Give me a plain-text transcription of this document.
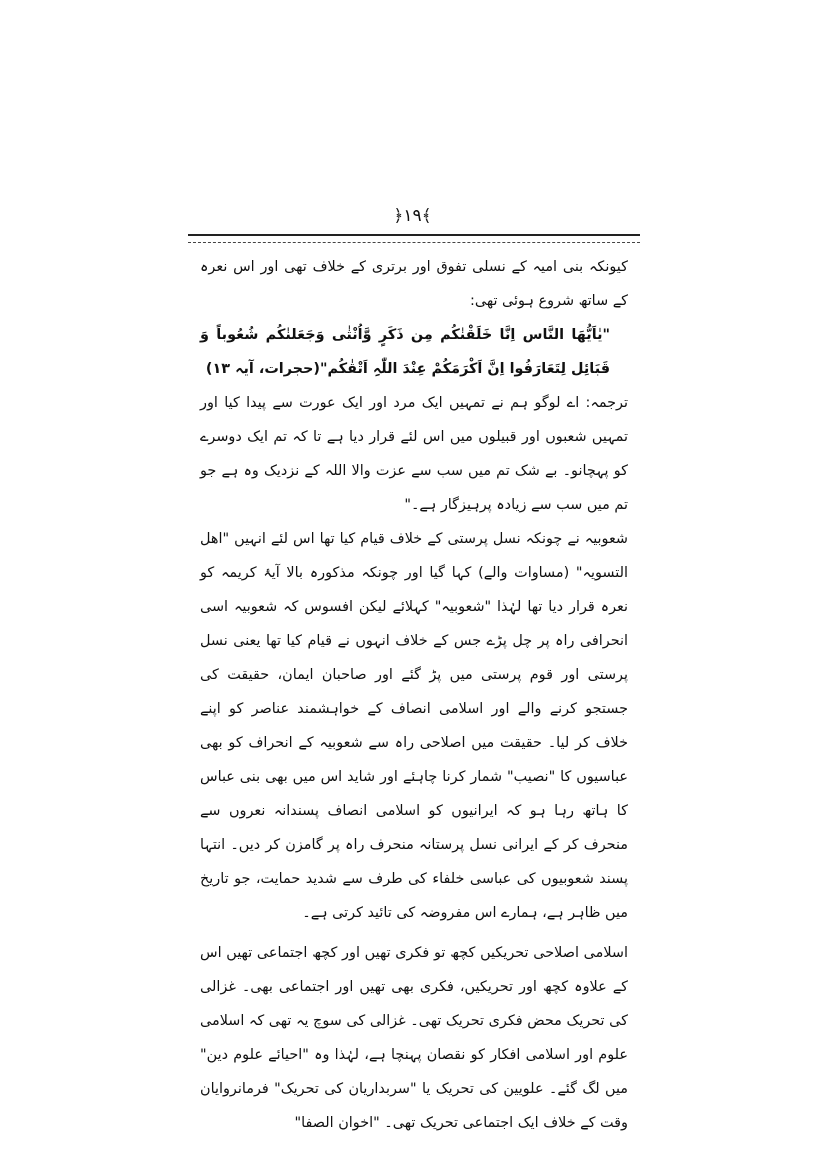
﴿١٩﴾

کیونکہ بنی امیہ کے نسلی تفوق اور برتری کے خلاف تھی اور اس نعرہ کے ساتھ شروع ہوئی تھی:

"یٰاَیُّھَا النَّاس اِنَّا خَلَقْنٰکُم مِن ذَکَرٍ وَّاُنْثٰی وَجَعَلنٰکُم شُعُوباً وَ قَبَائِل لِتَعَارَفُوا اِنَّ اَکْرَمَکُمْ عِنْدَ اللّٰہِ اَتْقٰکُم"(حجرات، آیہ ۱۳)

ترجمہ: اے لوگو ہم نے تمہیں ایک مرد اور ایک عورت سے پیدا کیا اور تمہیں شعبوں اور قبیلوں میں اس لئے قرار دیا ہے تا کہ تم ایک دوسرے کو پہچانو۔ بے شک تم میں سب سے عزت والا اللہ کے نزدیک وہ ہے جو تم میں سب سے زیادہ پرہیزگار ہے۔"

شعوبیہ نے چونکہ نسل پرستی کے خلاف قیام کیا تھا اس لئے انہیں "اھل التسویہ" (مساوات والے) کہا گیا اور چونکہ مذکورہ بالا آیۂ کریمہ کو نعرہ قرار دیا تھا لہٰذا "شعوبیہ" کہلائے لیکن افسوس کہ شعوبیہ اسی انحرافی راہ پر چل پڑے جس کے خلاف انہوں نے قیام کیا تھا یعنی نسل پرستی اور قوم پرستی میں پڑ گئے اور صاحبان ایمان، حقیقت کی جستجو کرنے والے اور اسلامی انصاف کے خواہشمند عناصر کو اپنے خلاف کر لیا۔ حقیقت میں اصلاحی راہ سے شعوبیہ کے انحراف کو بھی عباسیوں کا "نصیب" شمار کرنا چاہئے اور شاید اس میں بھی بنی عباس کا ہاتھ رہا ہو کہ ایرانیوں کو اسلامی انصاف پسندانہ نعروں سے منحرف کر کے ایرانی نسل پرستانہ منحرف راہ پر گامزن کر دیں۔ انتہا پسند شعوبیوں کی عباسی خلفاء کی طرف سے شدید حمایت، جو تاریخ میں ظاہر ہے، ہمارے اس مفروضہ کی تائید کرتی ہے۔

اسلامی اصلاحی تحریکیں کچھ تو فکری تھیں اور کچھ اجتماعی تھیں اس کے علاوہ کچھ اور تحریکیں، فکری بھی تھیں اور اجتماعی بھی۔ غزالی کی تحریک محض فکری تحریک تھی۔ غزالی کی سوچ یہ تھی کہ اسلامی علوم اور اسلامی افکار کو نقصان پہنچا ہے، لہٰذا وہ "احیائے علوم دین" میں لگ گئے۔ علویین کی تحریک یا "سربداریان کی تحریک" فرمانروایان وقت کے خلاف ایک اجتماعی تحریک تھی۔ "اخوان الصفا"
